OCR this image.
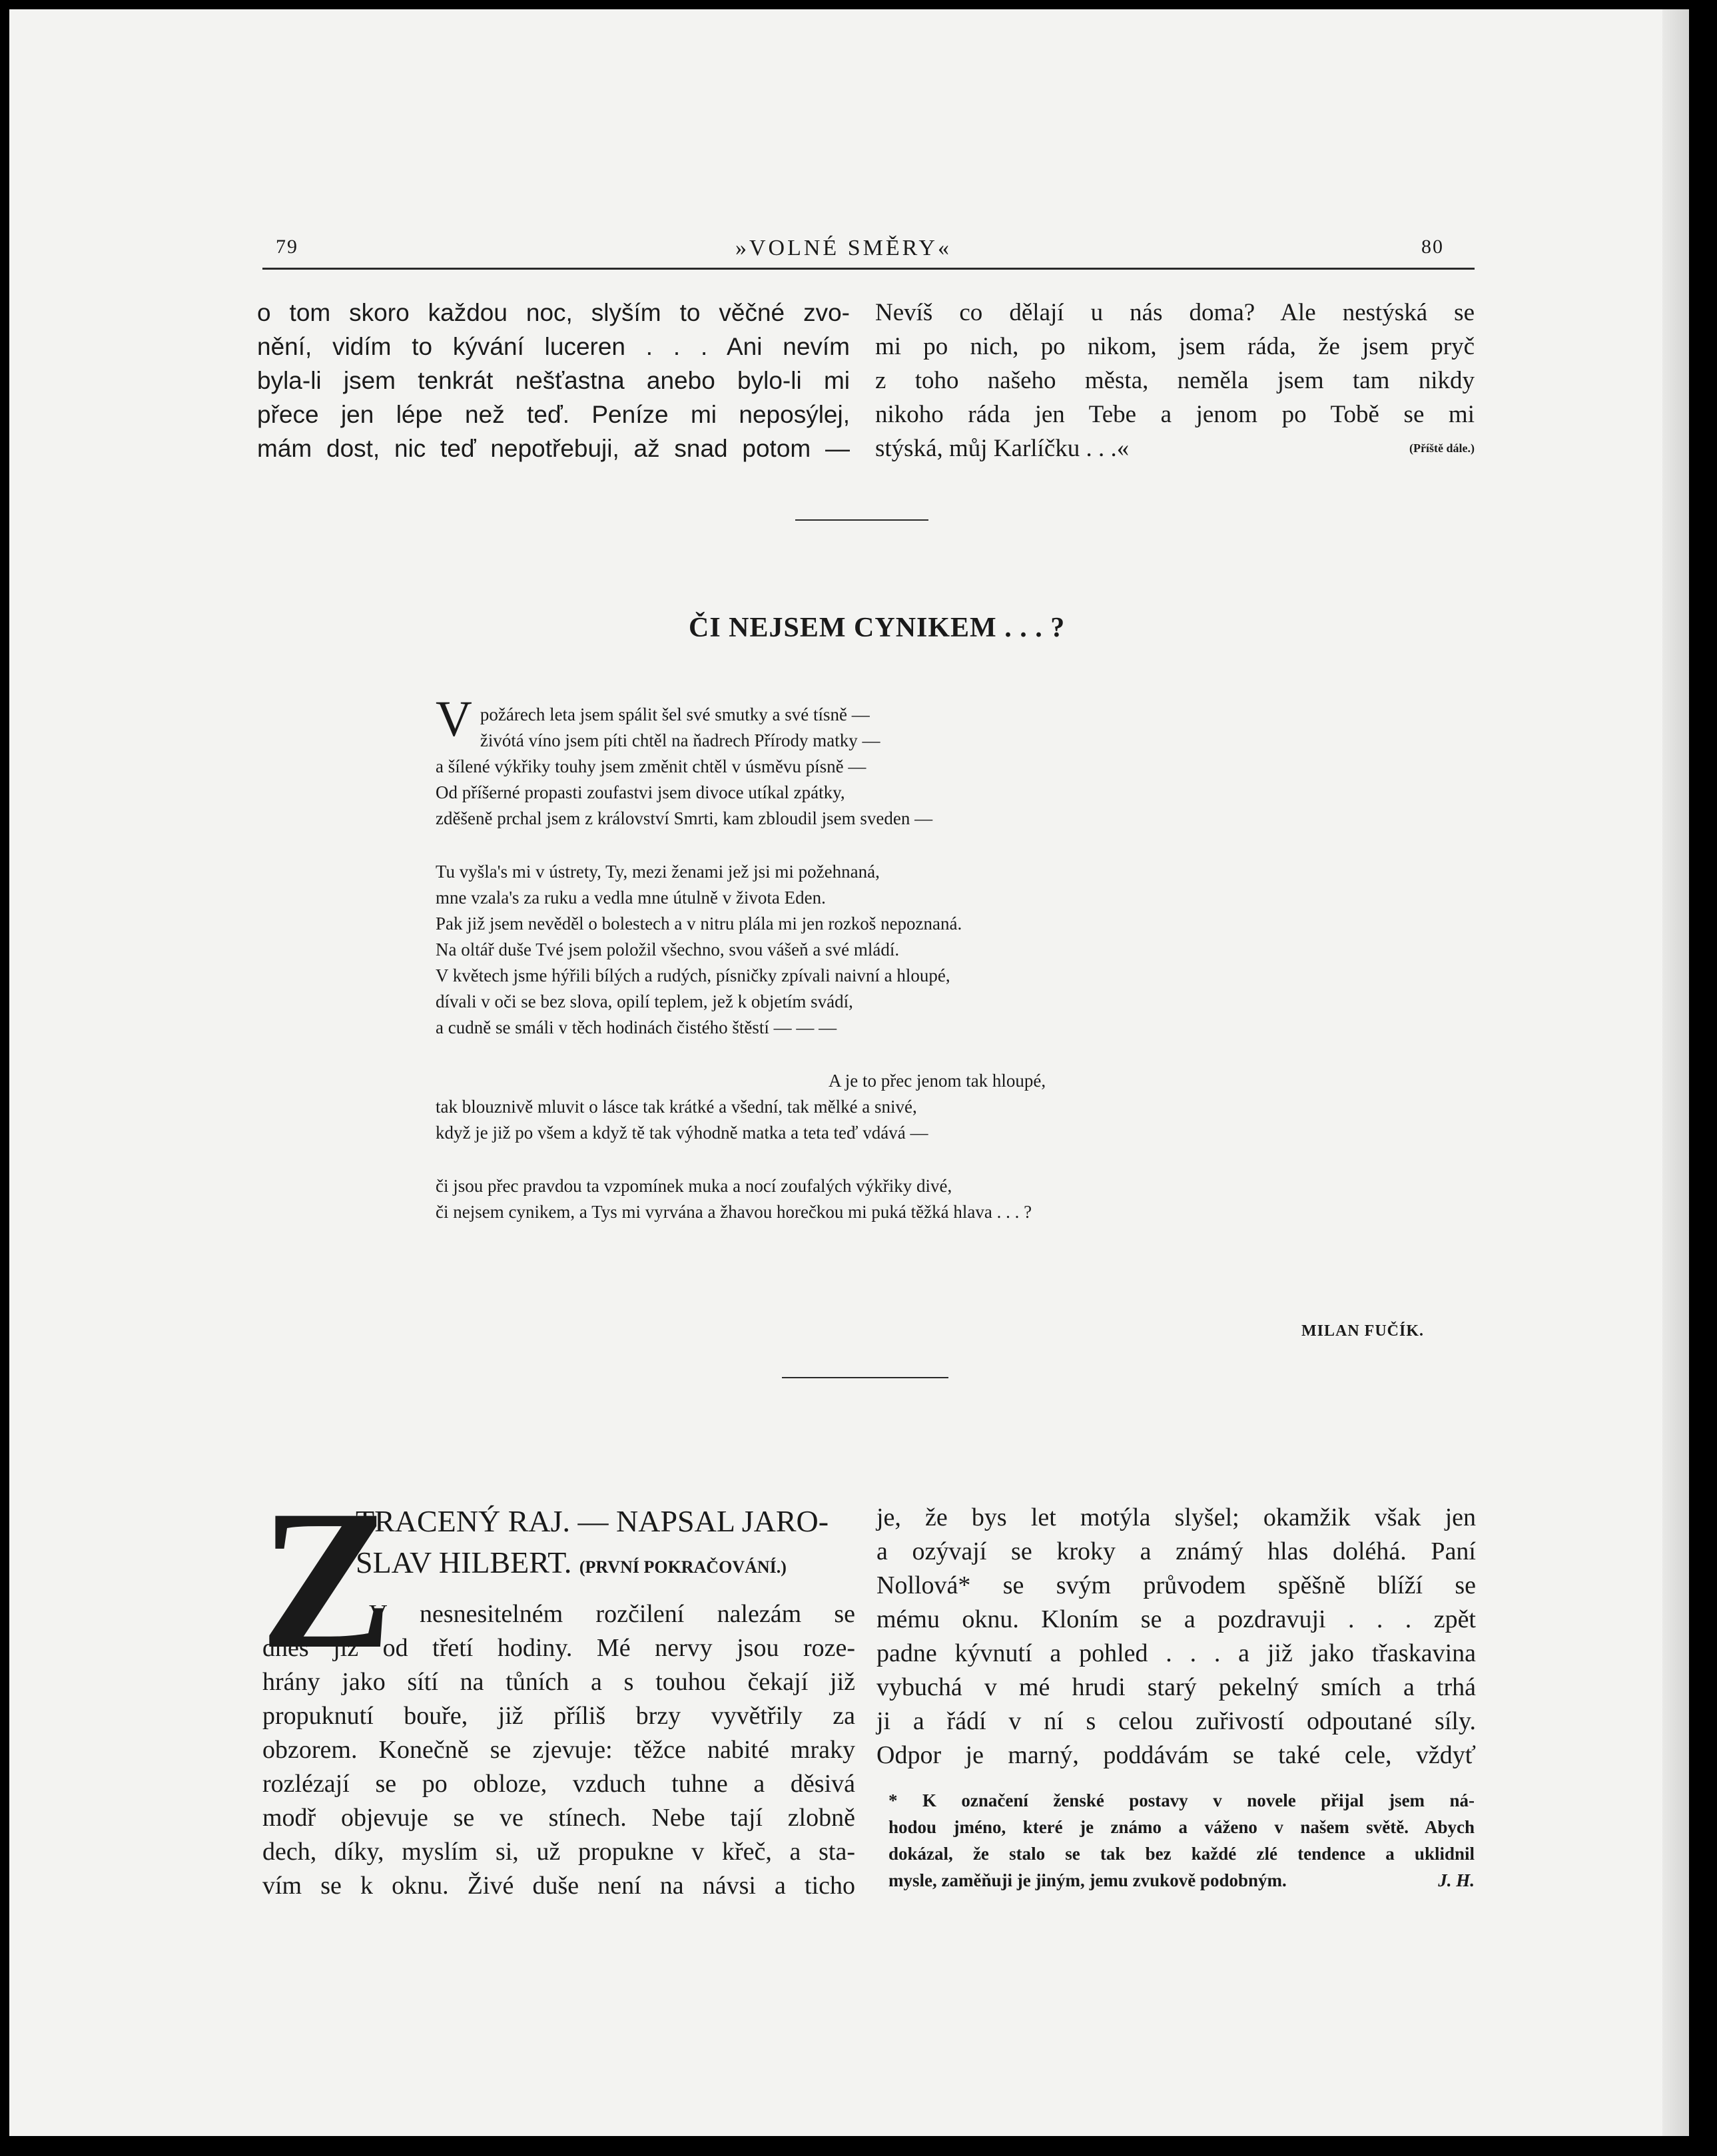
79	»VOLNÉ SMĚRY«	80

o tom skoro každou noc, slyším to věčné zvo-

nění, vidím to kývání luceren . . . Ani nevím

byla-li jsem tenkrát nešťastna anebo bylo-li mi

přece jen lépe než teď. Peníze mi neposýlej,

mám dost, nic teď nepotřebuji, až snad potom —

Nevíš co dělají u nás doma? Ale nestýská se

mi po nich, po nikom, jsem ráda, že jsem pryč

z toho našeho města, neměla jsem tam nikdy

nikoho ráda jen Tebe a jenom po Tobě se mi

stýská, můj Karlíčku . . .«	(Příště dále.)

ČI NEJSEM CYNIKEM . . . ?
Vpožárech leta jsem spálit šel své smutky a své tísně —
živótá víno jsem píti chtěl na ňadrech Přírody matky —
a šílené výkřiky touhy jsem změnit chtěl v úsměvu písně —
Od příšerné propasti zoufastvi jsem divoce utíkal zpátky,
zděšeně prchal jsem z království Smrti, kam zbloudil jsem sveden —
Tu vyšla's mi v ústrety, Ty, mezi ženami jež jsi mi požehnaná,
mne vzala's za ruku a vedla mne útulně v života Eden.
Pak již jsem nevěděl o bolestech a v nitru plála mi jen rozkoš nepoznaná.
Na oltář duše Tvé jsem položil všechno, svou vášeň a své mládí.
V květech jsme hýřili bílých a rudých, písničky zpívali naivní a hloupé,
dívali v oči se bez slova, opilí teplem, jež k objetím svádí,
a cudně se smáli v těch hodinách čistého štěstí — — —
A je to přec jenom tak hloupé,
tak blouznivě mluvit o lásce tak krátké a všední, tak mělké a snivé,
když je již po všem a když tě tak výhodně matka a teta teď vdává —
či jsou přec pravdou ta vzpomínek muka a nocí zoufalých výkřiky divé,
či nejsem cynikem, a Tys mi vyrvána a žhavou horečkou mi puká těžká hlava . . . ?
MILAN FUČÍK.
Z
TRACENÝ RAJ. — NAPSAL JARO-
SLAV HILBERT. (PRVNÍ POKRAČOVÁNÍ.)

V nesnesitelném rozčilení nalezám se

dnes již od třetí hodiny. Mé nervy jsou roze-

hrány jako sítí na tůních a s touhou čekají již

propuknutí bouře, již příliš brzy vyvětřily za

obzorem. Konečně se zjevuje: těžce nabité mraky

rozlézají se po obloze, vzduch tuhne a děsivá

modř objevuje se ve stínech. Nebe tají zlobně

dech, díky, myslím si, už propukne v křeč, a sta-

vím se k oknu. Živé duše není na návsi a ticho

je, že bys let motýla slyšel; okamžik však jen

a ozývají se kroky a známý hlas doléhá. Paní

Nollová* se svým průvodem spěšně blíží se

mému oknu. Kloním se a pozdravuji . . . zpět

padne kývnutí a pohled . . . a již jako třaskavina

vybuchá v mé hrudi starý pekelný smích a trhá

ji a řádí v ní s celou zuřivostí odpoutané síly.

Odpor je marný, poddávám se také cele, vždyť

* K označení ženské postavy v novele přijal jsem ná-

hodou jméno, které je známo a váženo v našem světě. Abych

dokázal, že stalo se tak bez každé zlé tendence a uklidnil

mysle, zaměňuji je jiným, jemu zvukově podobným.	J. H.
